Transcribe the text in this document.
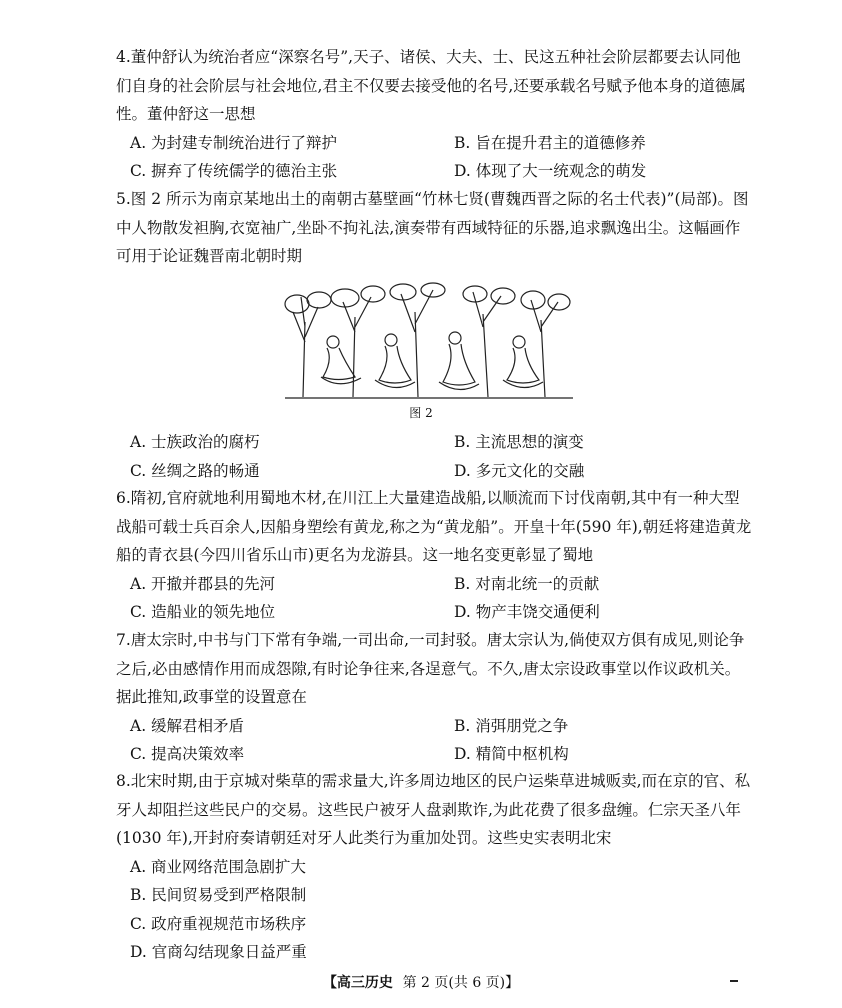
4.董仲舒认为统治者应“深察名号”,天子、诸侯、大夫、士、民这五种社会阶层都要去认同他们自身的社会阶层与社会地位,君主不仅要去接受他的名号,还要承载名号赋予他本身的道德属性。董仲舒这一思想

A. 为封建专制统治进行了辩护	B. 旨在提升君主的道德修养
C. 摒弃了传统儒学的德治主张	D. 体现了大一统观念的萌发

5.图 2 所示为南京某地出土的南朝古墓壁画“竹林七贤(曹魏西晋之际的名士代表)”(局部)。图中人物散发袒胸,衣宽袖广,坐卧不拘礼法,演奏带有西域特征的乐器,追求飘逸出尘。这幅画作可用于论证魏晋南北朝时期

图 2
A. 士族政治的腐朽	B. 主流思想的演变
C. 丝绸之路的畅通	D. 多元文化的交融

6.隋初,官府就地利用蜀地木材,在川江上大量建造战船,以顺流而下讨伐南朝,其中有一种大型战船可载士兵百余人,因船身塑绘有黄龙,称之为“黄龙船”。开皇十年(590 年),朝廷将建造黄龙船的青衣县(今四川省乐山市)更名为龙游县。这一地名变更彰显了蜀地

A. 开撤并郡县的先河	B. 对南北统一的贡献
C. 造船业的领先地位	D. 物产丰饶交通便利

7.唐太宗时,中书与门下常有争端,一司出命,一司封驳。唐太宗认为,倘使双方俱有成见,则论争之后,必由感情作用而成怨隙,有时论争往来,各逞意气。不久,唐太宗设政事堂以作议政机关。据此推知,政事堂的设置意在

A. 缓解君相矛盾	B. 消弭朋党之争
C. 提高决策效率	D. 精简中枢机构

8.北宋时期,由于京城对柴草的需求量大,许多周边地区的民户运柴草进城贩卖,而在京的官、私牙人却阻拦这些民户的交易。这些民户被牙人盘剥欺诈,为此花费了很多盘缠。仁宗天圣八年(1030 年),开封府奏请朝廷对牙人此类行为重加处罚。这些史实表明北宋

A. 商业网络范围急剧扩大
B. 民间贸易受到严格限制
C. 政府重视规范市场秩序
D. 官商勾结现象日益严重
【高三历史 第 2 页(共 6 页)】
